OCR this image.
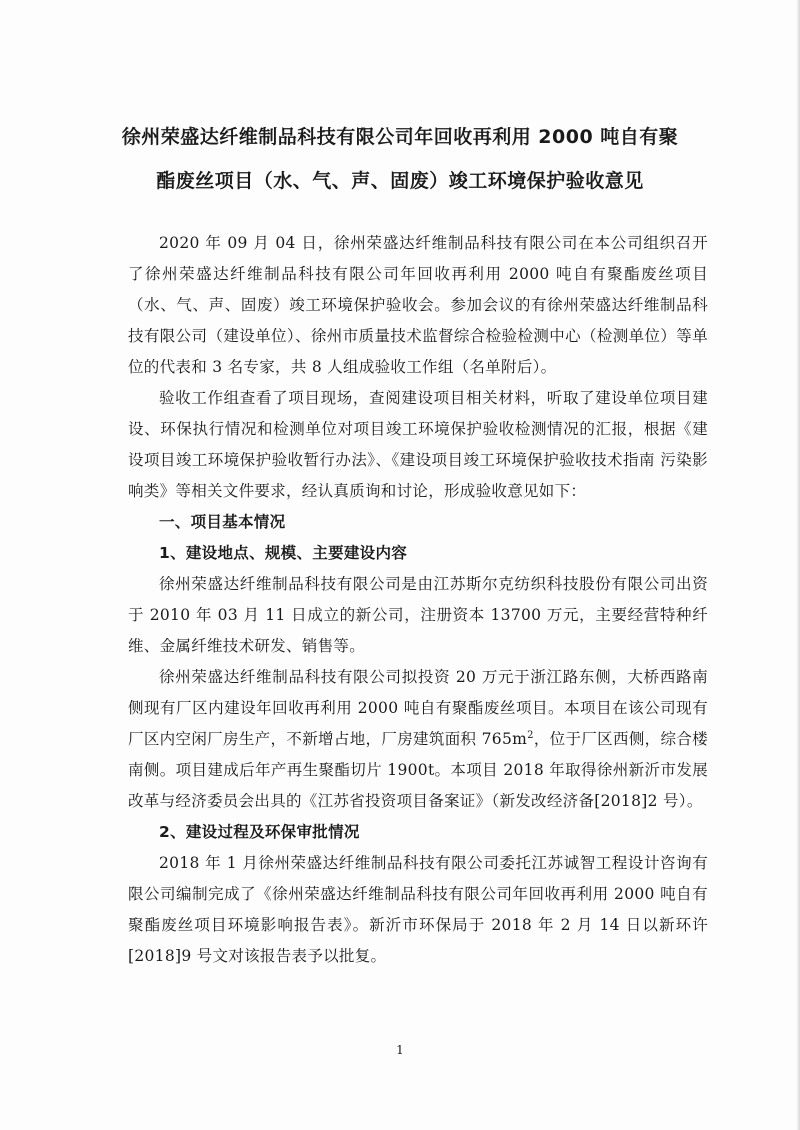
徐州荣盛达纤维制品科技有限公司年回收再利用 2000 吨自有聚
酯废丝项目（水、气、声、固废）竣工环境保护验收意见

2020 年 09 月 04 日，徐州荣盛达纤维制品科技有限公司在本公司组织召开了徐州荣盛达纤维制品科技有限公司年回收再利用 2000 吨自有聚酯废丝项目（水、气、声、固废）竣工环境保护验收会。参加会议的有徐州荣盛达纤维制品科技有限公司（建设单位）、徐州市质量技术监督综合检验检测中心（检测单位）等单位的代表和 3 名专家，共 8 人组成验收工作组（名单附后）。

验收工作组查看了项目现场，查阅建设项目相关材料，听取了建设单位项目建设、环保执行情况和检测单位对项目竣工环境保护验收检测情况的汇报，根据《建设项目竣工环境保护验收暂行办法》、《建设项目竣工环境保护验收技术指南 污染影响类》等相关文件要求，经认真质询和讨论，形成验收意见如下：

一、项目基本情况
1、建设地点、规模、主要建设内容

徐州荣盛达纤维制品科技有限公司是由江苏斯尔克纺织科技股份有限公司出资于 2010 年 03 月 11 日成立的新公司，注册资本 13700 万元，主要经营特种纤维、金属纤维技术研发、销售等。

徐州荣盛达纤维制品科技有限公司拟投资 20 万元于浙江路东侧，大桥西路南侧现有厂区内建设年回收再利用 2000 吨自有聚酯废丝项目。本项目在该公司现有厂区内空闲厂房生产，不新增占地，厂房建筑面积 $765m^2$，位于厂区西侧，综合楼南侧。项目建成后年产再生聚酯切片 1900t。本项目 2018 年取得徐州新沂市发展改革与经济委员会出具的《江苏省投资项目备案证》（新发改经济备[2018]2 号）。

2、建设过程及环保审批情况

2018 年 1 月徐州荣盛达纤维制品科技有限公司委托江苏诚智工程设计咨询有限公司编制完成了《徐州荣盛达纤维制品科技有限公司年回收再利用 2000 吨自有聚酯废丝项目环境影响报告表》。新沂市环保局于 2018 年 2 月 14 日以新环许[2018]9 号文对该报告表予以批复。

1
